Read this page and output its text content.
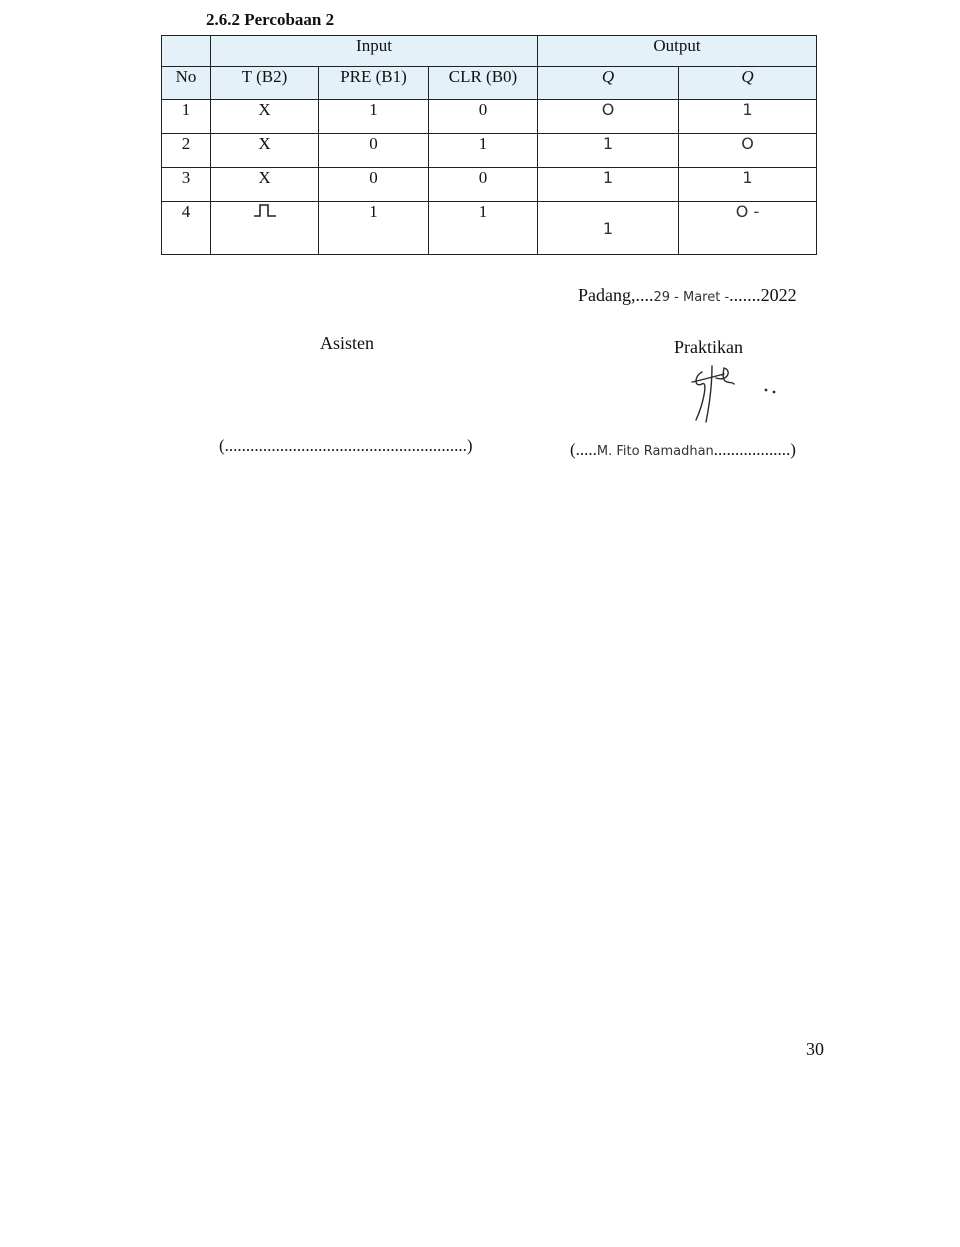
2.6.2 Percobaan 2
	Input			Output	
No	T (B2)	PRE (B1)	CLR (B0)	Q	$\overline{Q}$
1	X	1	0	O	1
2	X	0	1	1	O
3	X	0	0	1	1
4		1	1	1	O -
Padang,....29 - Maret -.......2022
Asisten	Praktikan
(.........................................................)	(.....M. Fito Ramadhan..................)
30
